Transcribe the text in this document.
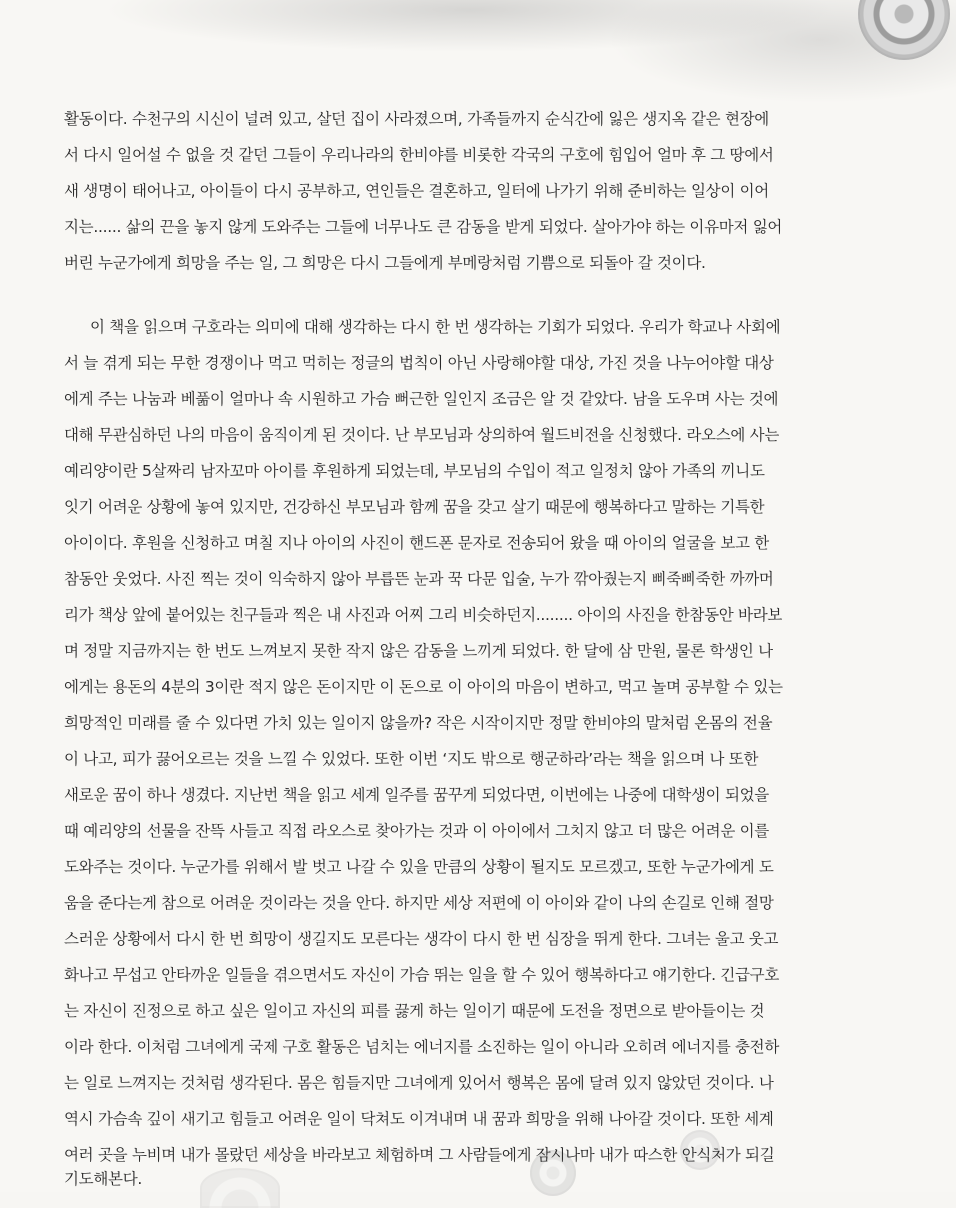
활동이다. 수천구의 시신이 널려 있고, 살던 집이 사라졌으며, 가족들까지 순식간에 잃은 생지옥 같은 현장에
서 다시 일어설 수 없을 것 같던 그들이 우리나라의 한비야를 비롯한 각국의 구호에 힘입어 얼마 후 그 땅에서
새 생명이 태어나고, 아이들이 다시 공부하고, 연인들은 결혼하고, 일터에 나가기 위해 준비하는 일상이 이어
지는...... 삶의 끈을 놓지 않게 도와주는 그들에 너무나도 큰 감동을 받게 되었다. 살아가야 하는 이유마저 잃어
버린 누군가에게 희망을 주는 일, 그 희망은 다시 그들에게 부메랑처럼 기쁨으로 되돌아 갈 것이다.
이 책을 읽으며 구호라는 의미에 대해 생각하는 다시 한 번 생각하는 기회가 되었다. 우리가 학교나 사회에
서 늘 겪게 되는 무한 경쟁이나 먹고 먹히는 정글의 법칙이 아닌 사랑해야할 대상, 가진 것을 나누어야할 대상
에게 주는 나눔과 베풂이 얼마나 속 시원하고 가슴 뻐근한 일인지 조금은 알 것 같았다. 남을 도우며 사는 것에
대해 무관심하던 나의 마음이 움직이게 된 것이다. 난 부모님과 상의하여 월드비전을 신청했다. 라오스에 사는
예리양이란 5살짜리 남자꼬마 아이를 후원하게 되었는데, 부모님의 수입이 적고 일정치 않아 가족의 끼니도
잇기 어려운 상황에 놓여 있지만, 건강하신 부모님과 함께 꿈을 갖고 살기 때문에 행복하다고 말하는 기특한
아이이다. 후원을 신청하고 며칠 지나 아이의 사진이 핸드폰 문자로 전송되어 왔을 때 아이의 얼굴을 보고 한
참동안 웃었다. 사진 찍는 것이 익숙하지 않아 부릅뜬 눈과 꾹 다문 입술, 누가 깎아줬는지 삐죽삐죽한 까까머
리가 책상 앞에 붙어있는 친구들과 찍은 내 사진과 어찌 그리 비슷하던지........ 아이의 사진을 한참동안 바라보
며 정말 지금까지는 한 번도 느껴보지 못한 작지 않은 감동을 느끼게 되었다. 한 달에 삼 만원, 물론 학생인 나
에게는 용돈의 4분의 3이란 적지 않은 돈이지만 이 돈으로 이 아이의 마음이 변하고, 먹고 놀며 공부할 수 있는
희망적인 미래를 줄 수 있다면 가치 있는 일이지 않을까? 작은 시작이지만 정말 한비야의 말처럼 온몸의 전율
이 나고, 피가 끓어오르는 것을 느낄 수 있었다. 또한 이번 ‘지도 밖으로 행군하라’라는 책을 읽으며 나 또한
새로운 꿈이 하나 생겼다. 지난번 책을 읽고 세계 일주를 꿈꾸게 되었다면, 이번에는 나중에 대학생이 되었을
때 예리양의 선물을 잔뜩 사들고 직접 라오스로 찾아가는 것과 이 아이에서 그치지 않고 더 많은 어려운 이를
도와주는 것이다. 누군가를 위해서 발 벗고 나갈 수 있을 만큼의 상황이 될지도 모르겠고, 또한 누군가에게 도
움을 준다는게 참으로 어려운 것이라는 것을 안다. 하지만 세상 저편에 이 아이와 같이 나의 손길로 인해 절망
스러운 상황에서 다시 한 번 희망이 생길지도 모른다는 생각이 다시 한 번 심장을 뛰게 한다. 그녀는 울고 웃고
화나고 무섭고 안타까운 일들을 겪으면서도 자신이 가슴 뛰는 일을 할 수 있어 행복하다고 얘기한다. 긴급구호
는 자신이 진정으로 하고 싶은 일이고 자신의 피를 끓게 하는 일이기 때문에 도전을 정면으로 받아들이는 것
이라 한다. 이처럼 그녀에게 국제 구호 활동은 넘치는 에너지를 소진하는 일이 아니라 오히려 에너지를 충전하
는 일로 느껴지는 것처럼 생각된다. 몸은 힘들지만 그녀에게 있어서 행복은 몸에 달려 있지 않았던 것이다. 나
역시 가슴속 깊이 새기고 힘들고 어려운 일이 닥쳐도 이겨내며 내 꿈과 희망을 위해 나아갈 것이다. 또한 세계
여러 곳을 누비며 내가 몰랐던 세상을 바라보고 체험하며 그 사람들에게 잠시나마 내가 따스한 안식처가 되길
기도해본다.
